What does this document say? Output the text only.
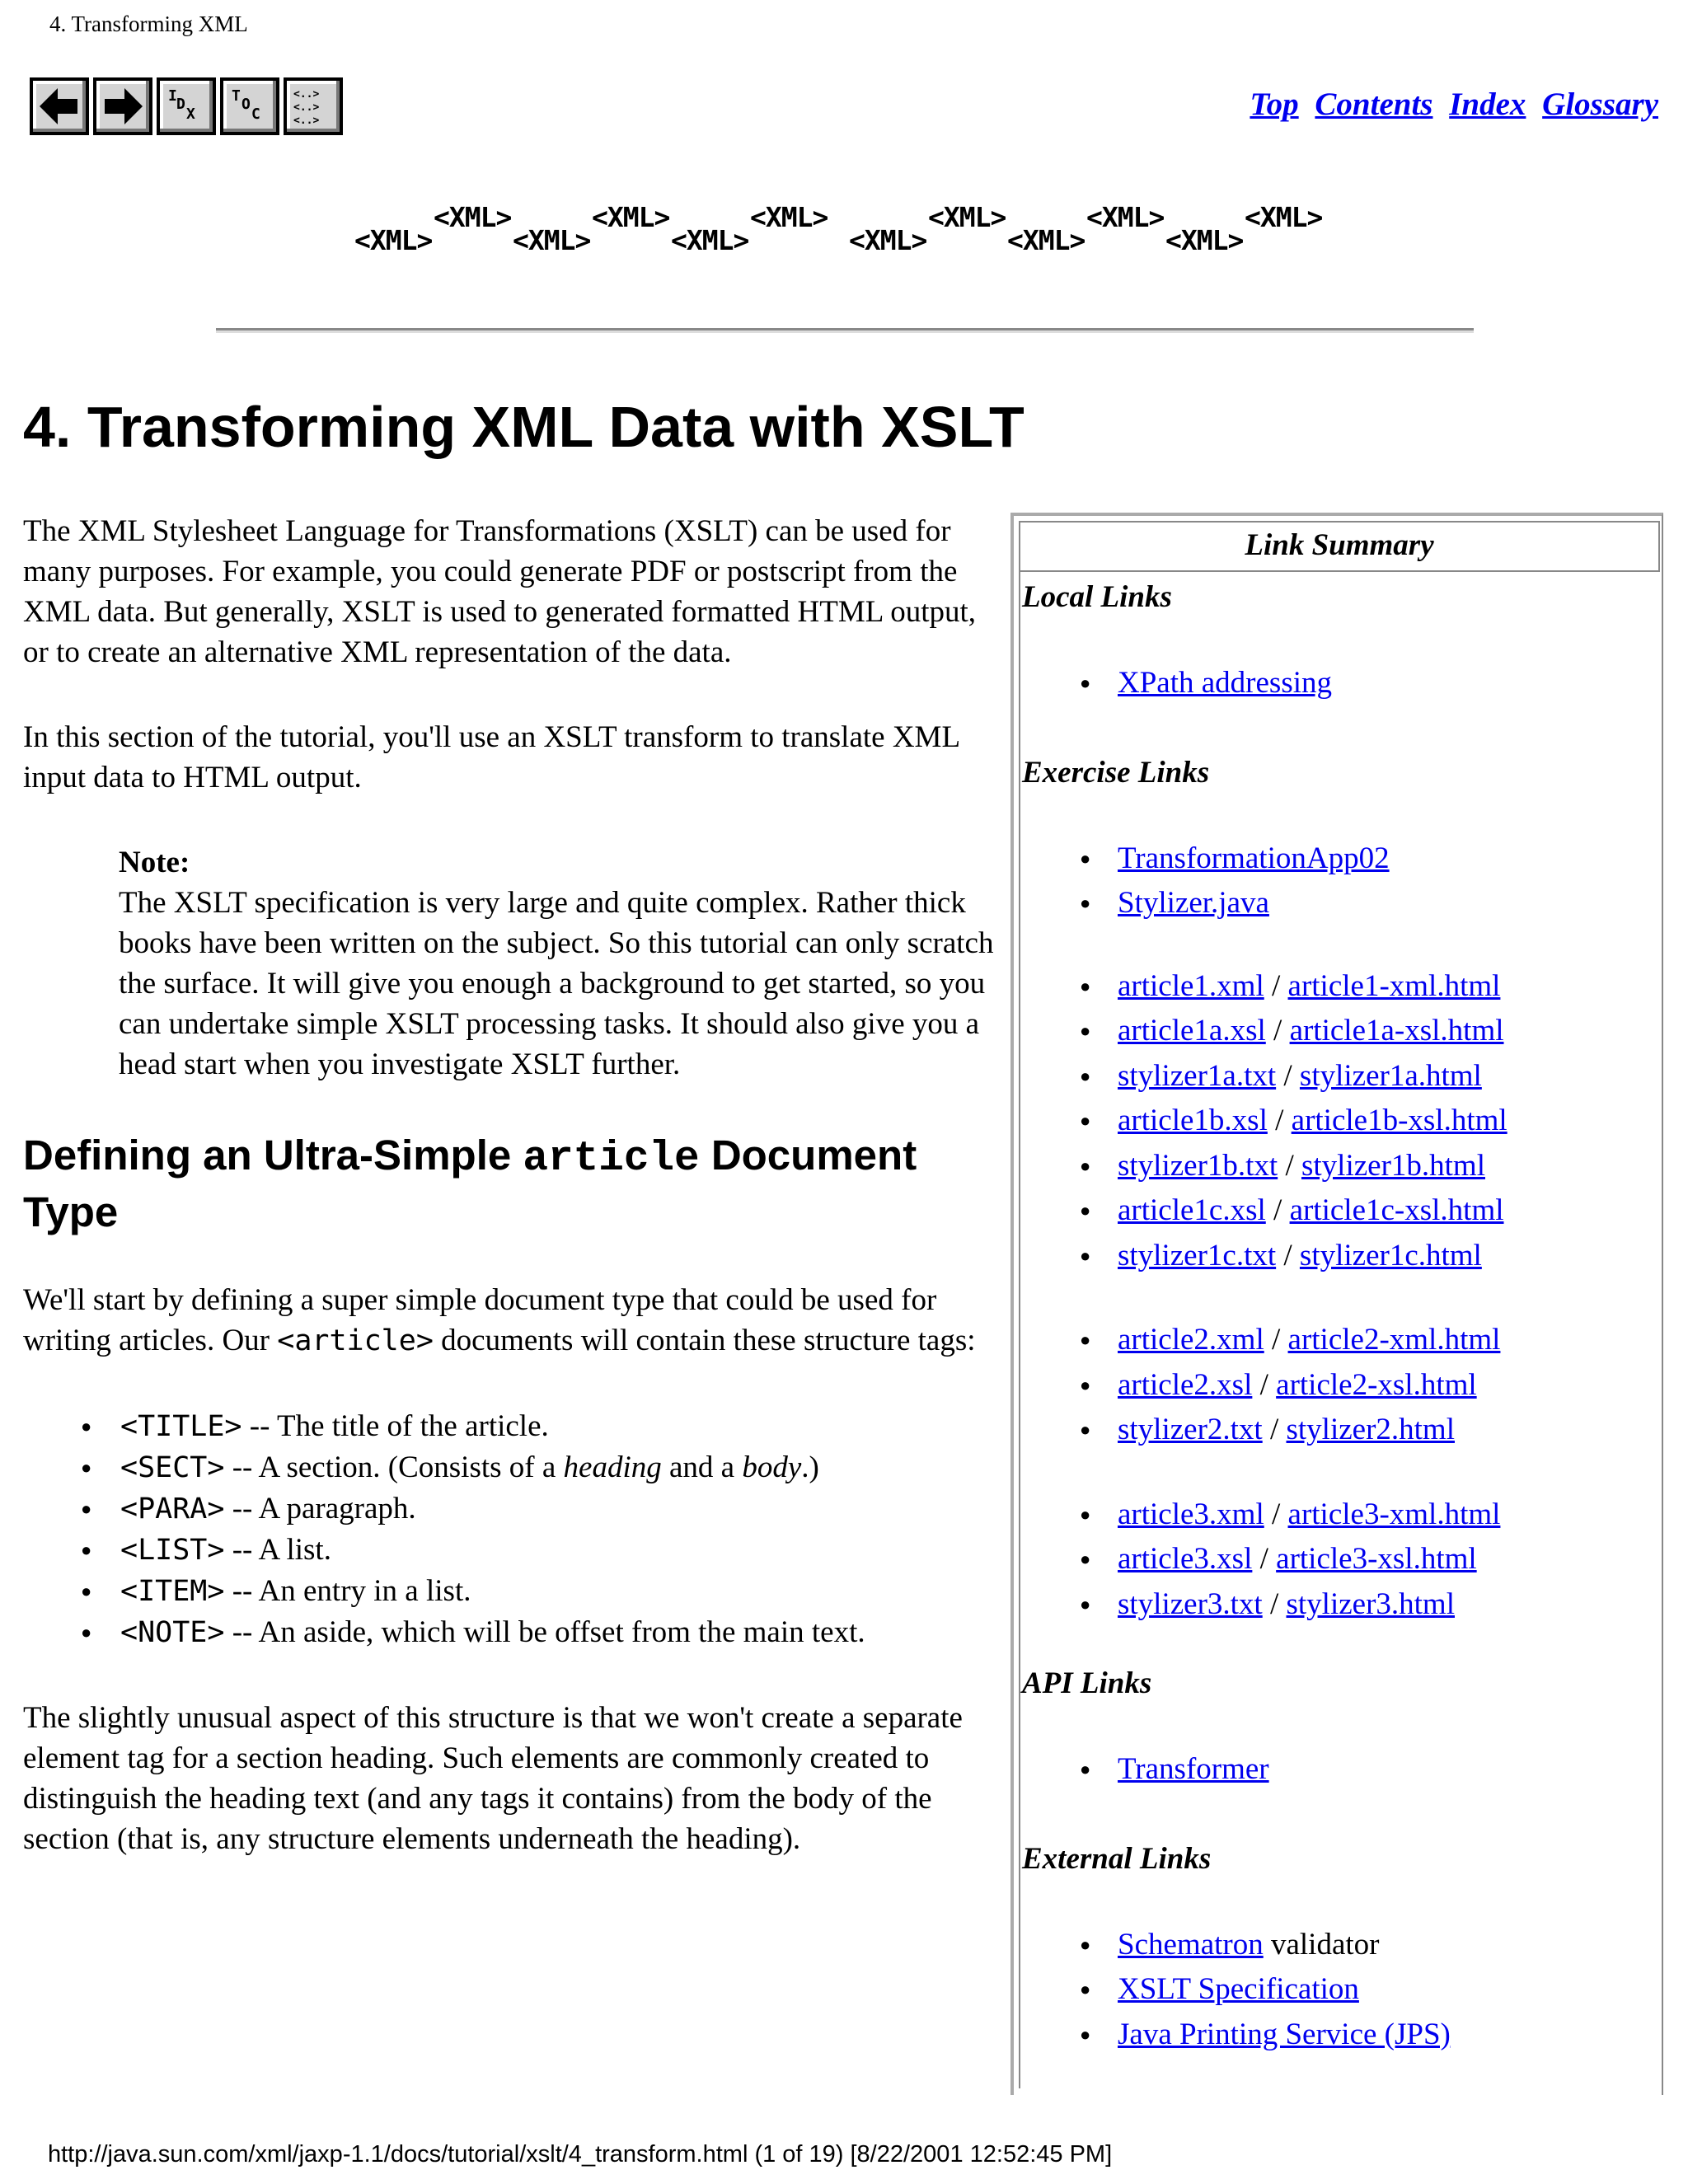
4. Transforming XML
I D
X
T O
C
<..>
<..>
<..>	Top Contents Index Glossary
<XML>
<XML>
<XML>
<XML>
<XML>
<XML>
<XML>
<XML>
<XML>
<XML>
<XML>
<XML>
4. Transforming XML Data with XSLT

The XML Stylesheet Language for Transformations (XSLT) can be used for many purposes. For example, you could generate PDF or postscript from the XML data. But generally, XSLT is used to generated formatted HTML output, or to create an alternative XML representation of the data.

In this section of the tutorial, you'll use an XSLT transform to translate XML input data to HTML output.

Note:
The XSLT specification is very large and quite complex. Rather thick books have been written on the subject. So this tutorial can only scratch the surface. It will give you enough a background to get started, so you can undertake simple XSLT processing tasks. It should also give you a head start when you investigate XSLT further.
Defining an Ultra-Simple article Document Type

We'll start by defining a super simple document type that could be used for writing articles. Our <article> documents will contain these structure tags:

● <TITLE> -- The title of the article.
● <SECT> -- A section. (Consists of a heading and a body.)
● <PARA> -- A paragraph.
● <LIST> -- A list.
● <ITEM> -- An entry in a list.
● <NOTE> -- An aside, which will be offset from the main text.

The slightly unusual aspect of this structure is that we won't create a separate element tag for a section heading. Such elements are commonly created to distinguish the heading text (and any tags it contains) from the body of the section (that is, any structure elements underneath the heading).

Link Summary
Local Links
● XPath addressing
Exercise Links
● TransformationApp02
● Stylizer.java
● article1.xml / article1-xml.html
● article1a.xsl / article1a-xsl.html
● stylizer1a.txt / stylizer1a.html
● article1b.xsl / article1b-xsl.html
● stylizer1b.txt / stylizer1b.html
● article1c.xsl / article1c-xsl.html
● stylizer1c.txt / stylizer1c.html
● article2.xml / article2-xml.html
● article2.xsl / article2-xsl.html
● stylizer2.txt / stylizer2.html
● article3.xml / article3-xml.html
● article3.xsl / article3-xsl.html
● stylizer3.txt / stylizer3.html
API Links
● Transformer
External Links
● Schematron validator
● XSLT Specification
● Java Printing Service (JPS)
http://java.sun.com/xml/jaxp-1.1/docs/tutorial/xslt/4_transform.html (1 of 19) [8/22/2001 12:52:45 PM]
